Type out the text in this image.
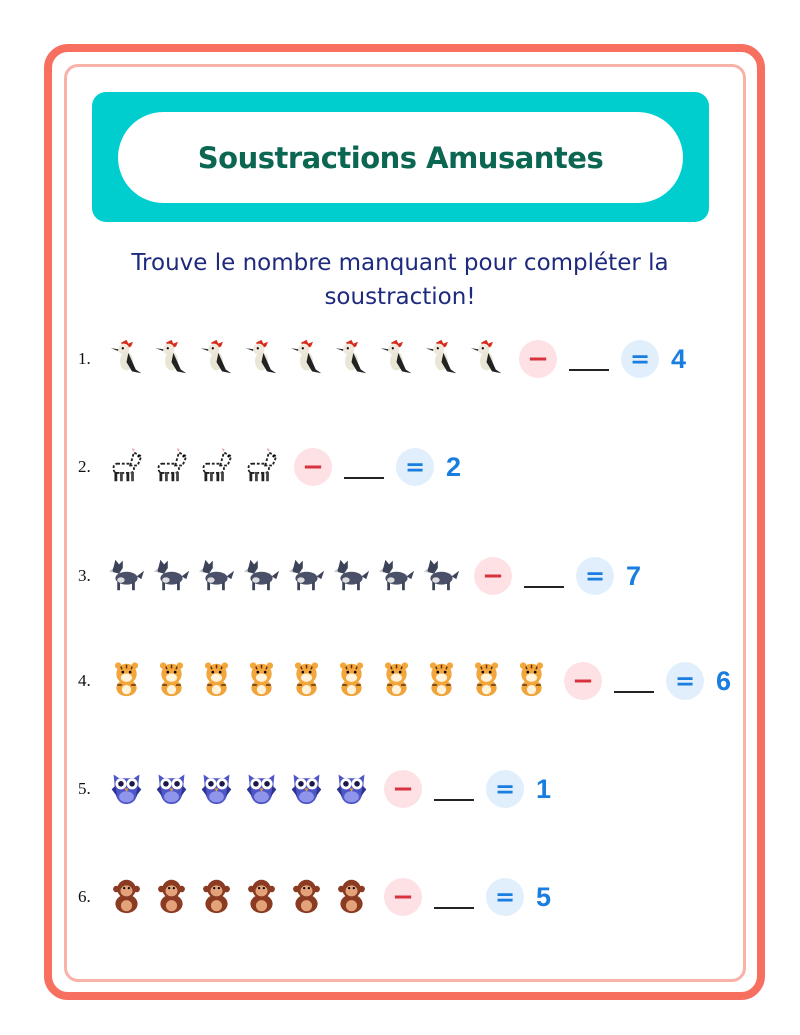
Soustractions Amusantes
Trouve le nombre manquant pour compléter la soustraction!
1.	−	= 4
2.	−	= 2
3.	−	= 7
4.	−	= 6
5.	−	= 1
6.	−	= 5
